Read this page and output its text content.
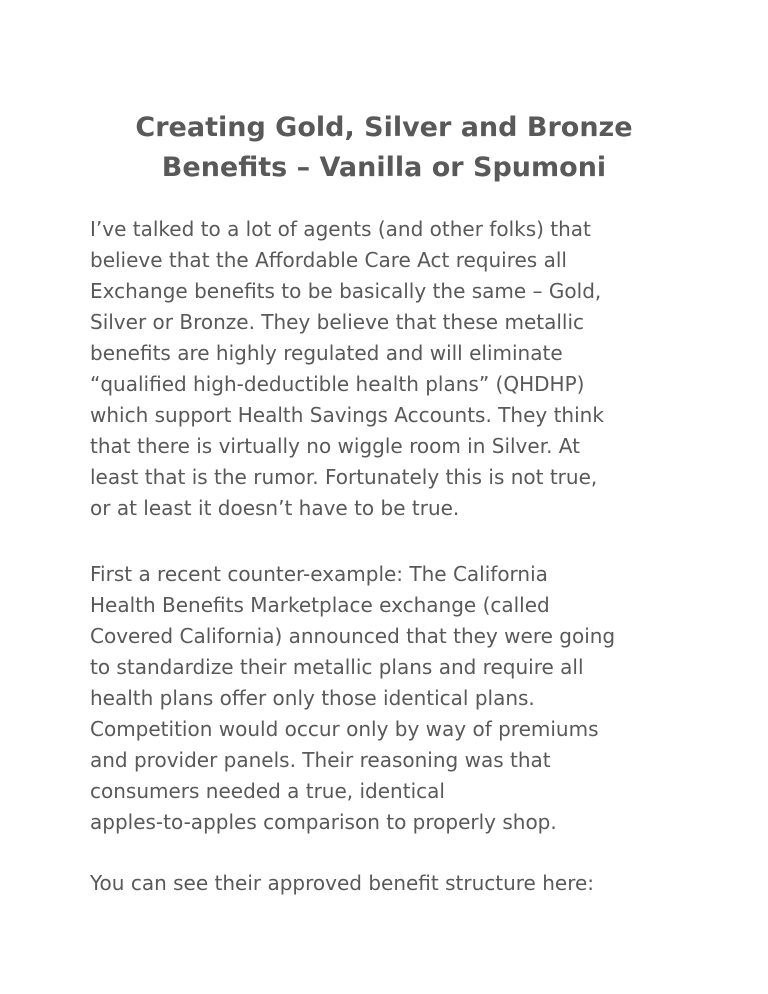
Creating Gold, Silver and Bronze
Benefits – Vanilla or Spumoni

I’ve talked to a lot of agents (and other folks) that
believe that the Affordable Care Act requires all
Exchange benefits to be basically the same – Gold,
Silver or Bronze. They believe that these metallic
benefits are highly regulated and will eliminate
“qualified high-deductible health plans” (QHDHP)
which support Health Savings Accounts. They think
that there is virtually no wiggle room in Silver. At
least that is the rumor. Fortunately this is not true,
or at least it doesn’t have to be true.

First a recent counter-example: The California
Health Benefits Marketplace exchange (called
Covered California) announced that they were going
to standardize their metallic plans and require all
health plans offer only those identical plans.
Competition would occur only by way of premiums
and provider panels. Their reasoning was that
consumers needed a true, identical
apples-to-apples comparison to properly shop.

You can see their approved benefit structure here:
